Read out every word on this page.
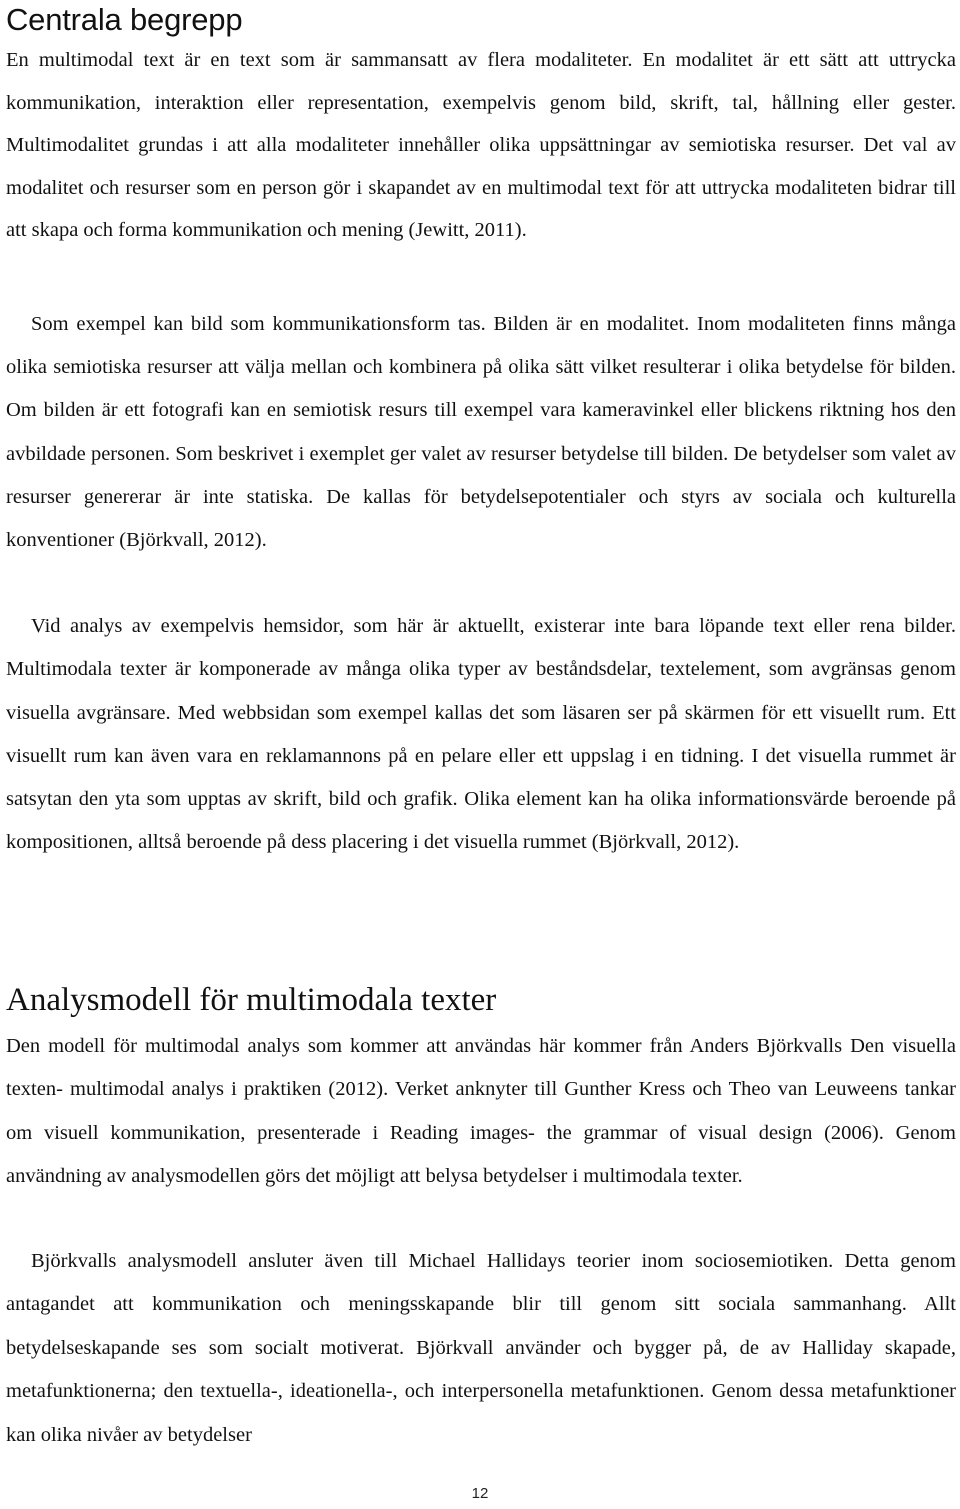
Centrala begrepp

En multimodal text är en text som är sammansatt av flera modaliteter. En modalitet är ett sätt att uttrycka kommunikation, interaktion eller representation, exempelvis genom bild, skrift, tal, hållning eller gester. Multimodalitet grundas i att alla modaliteter innehåller olika uppsättningar av semiotiska resurser. Det val av modalitet och resurser som en person gör i skapandet av en multimodal text för att uttrycka modaliteten bidrar till att skapa och forma kommunikation och mening (Jewitt, 2011).

Som exempel kan bild som kommunikationsform tas. Bilden är en modalitet. Inom modaliteten finns många olika semiotiska resurser att välja mellan och kombinera på olika sätt vilket resulterar i olika betydelse för bilden. Om bilden är ett fotografi kan en semiotisk resurs till exempel vara kameravinkel eller blickens riktning hos den avbildade personen. Som beskrivet i exemplet ger valet av resurser betydelse till bilden. De betydelser som valet av resurser genererar är inte statiska. De kallas för betydelsepotentialer och styrs av sociala och kulturella konventioner (Björkvall, 2012).

Vid analys av exempelvis hemsidor, som här är aktuellt, existerar inte bara löpande text eller rena bilder. Multimodala texter är komponerade av många olika typer av beståndsdelar, textelement, som avgränsas genom visuella avgränsare. Med webbsidan som exempel kallas det som läsaren ser på skärmen för ett visuellt rum. Ett visuellt rum kan även vara en reklamannons på en pelare eller ett uppslag i en tidning. I det visuella rummet är satsytan den yta som upptas av skrift, bild och grafik. Olika element kan ha olika informationsvärde beroende på kompositionen, alltså beroende på dess placering i det visuella rummet (Björkvall, 2012).

Analysmodell för multimodala texter

Den modell för multimodal analys som kommer att användas här kommer från Anders Björkvalls Den visuella texten- multimodal analys i praktiken (2012). Verket anknyter till Gunther Kress och Theo van Leuweens tankar om visuell kommunikation, presenterade i Reading images- the grammar of visual design (2006). Genom användning av analysmodellen görs det möjligt att belysa betydelser i multimodala texter.

Björkvalls analysmodell ansluter även till Michael Hallidays teorier inom sociosemiotiken. Detta genom antagandet att kommunikation och meningsskapande blir till genom sitt sociala sammanhang. Allt betydelseskapande ses som socialt motiverat. Björkvall använder och bygger på, de av Halliday skapade, metafunktionerna; den textuella-, ideationella-, och interpersonella metafunktionen. Genom dessa metafunktioner kan olika nivåer av betydelser

12
